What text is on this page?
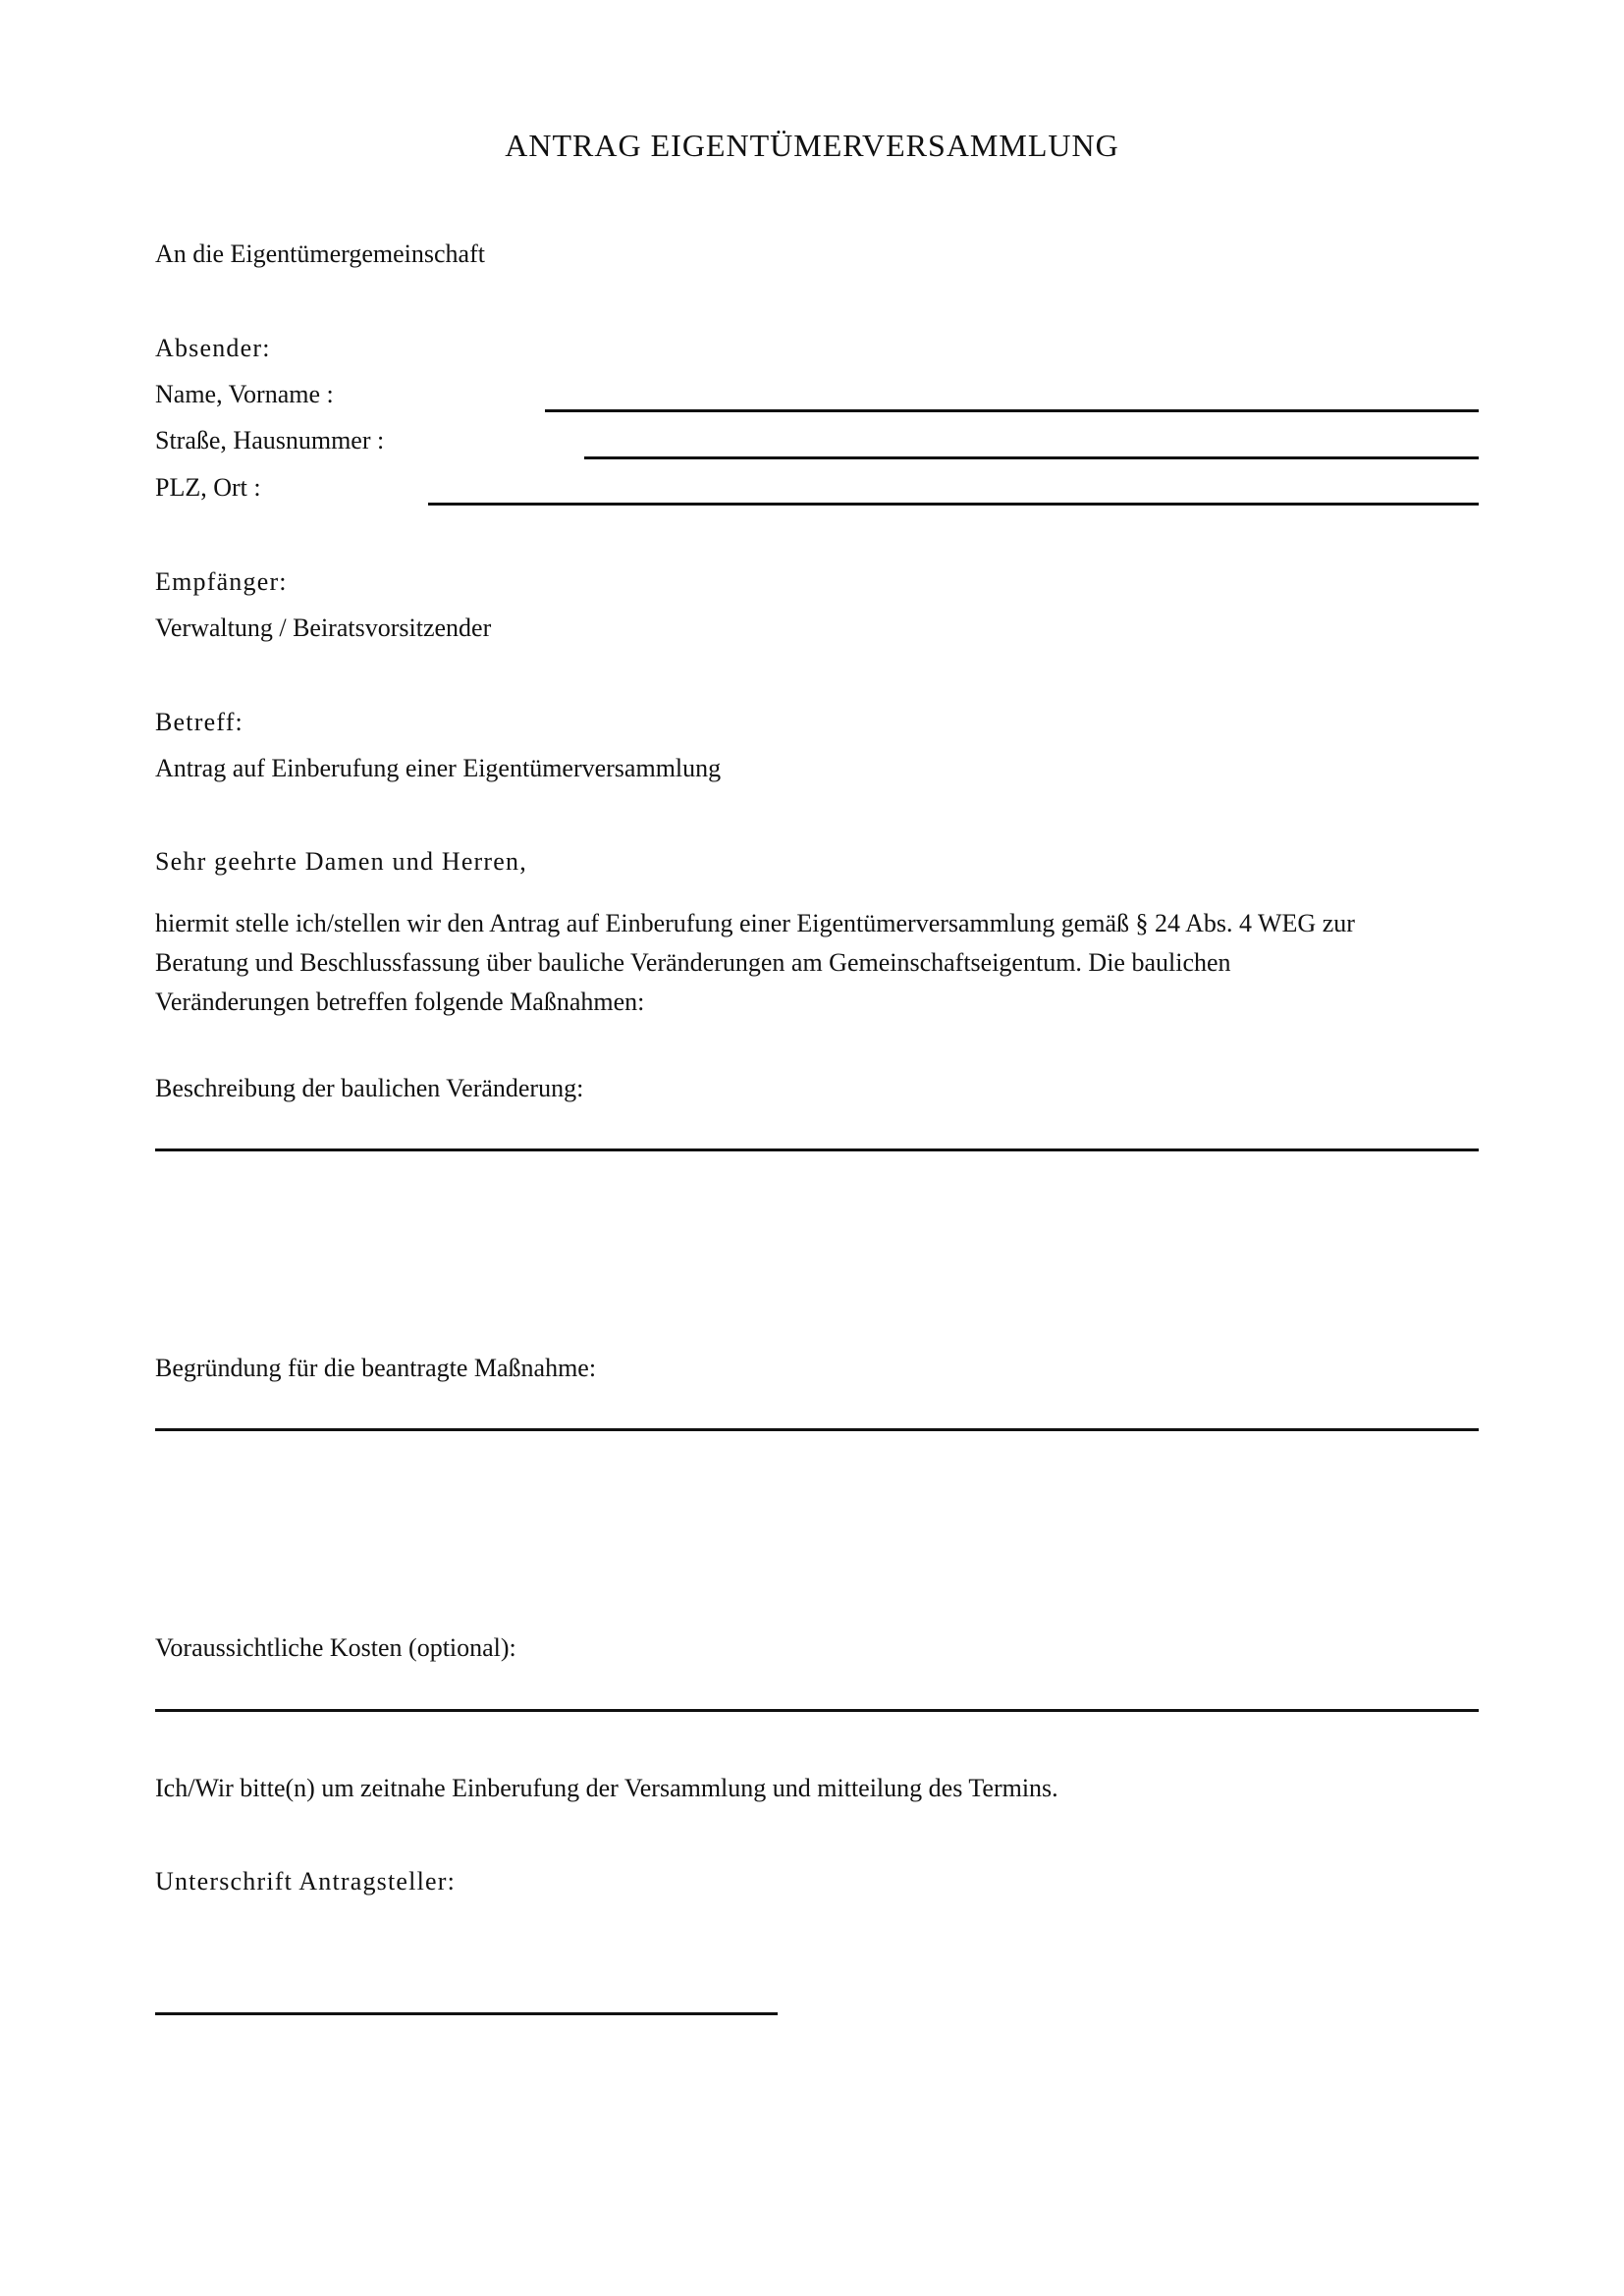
ANTRAG EIGENTÜMERVERSAMMLUNG
An die Eigentümergemeinschaft
Absender:
Name, Vorname :
Straße, Hausnummer :
PLZ, Ort :
Empfänger:
Verwaltung / Beiratsvorsitzender
Betreff:
Antrag auf Einberufung einer Eigentümerversammlung
Sehr geehrte Damen und Herren,
hiermit stelle ich/stellen wir den Antrag auf Einberufung einer Eigentümerversammlung gemäß § 24 Abs. 4 WEG zur
Beratung und Beschlussfassung über bauliche Veränderungen am Gemeinschaftseigentum. Die baulichen
Veränderungen betreffen folgende Maßnahmen:
Beschreibung der baulichen Veränderung:
Begründung für die beantragte Maßnahme:
Voraussichtliche Kosten (optional):
Ich/Wir bitte(n) um zeitnahe Einberufung der Versammlung und mitteilung des Termins.
Unterschrift Antragsteller:
